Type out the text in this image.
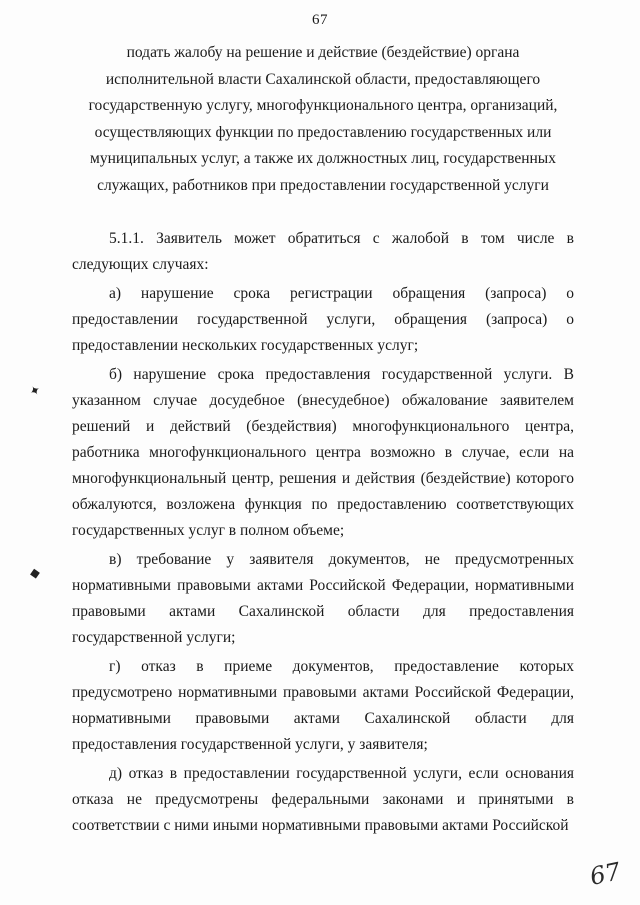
67
подать жалобу на решение и действие (бездействие) органа исполнительной власти Сахалинской области, предоставляющего государственную услугу, многофункционального центра, организаций, осуществляющих функции по предоставлению государственных или муниципальных услуг, а также их должностных лиц, государственных служащих, работников при предоставлении государственной услуги

5.1.1. Заявитель может обратиться с жалобой в том числе в следующих случаях:

а) нарушение срока регистрации обращения (запроса) о предоставлении государственной услуги, обращения (запроса) о предоставлении нескольких государственных услуг;

б) нарушение срока предоставления государственной услуги. В указанном случае досудебное (внесудебное) обжалование заявителем решений и действий (бездействия) многофункционального центра, работника многофункционального центра возможно в случае, если на многофункциональный центр, решения и действия (бездействие) которого обжалуются, возложена функция по предоставлению соответствующих государственных услуг в полном объеме;

в) требование у заявителя документов, не предусмотренных нормативными правовыми актами Российской Федерации, нормативными правовыми актами Сахалинской области для предоставления государственной услуги;

г) отказ в приеме документов, предоставление которых предусмотрено нормативными правовыми актами Российской Федерации, нормативными правовыми актами Сахалинской области для предоставления государственной услуги, у заявителя;

д) отказ в предоставлении государственной услуги, если основания отказа не предусмотрены федеральными законами и принятыми в соответствии с ними иными нормативными правовыми актами Российской

✦
◆
67
